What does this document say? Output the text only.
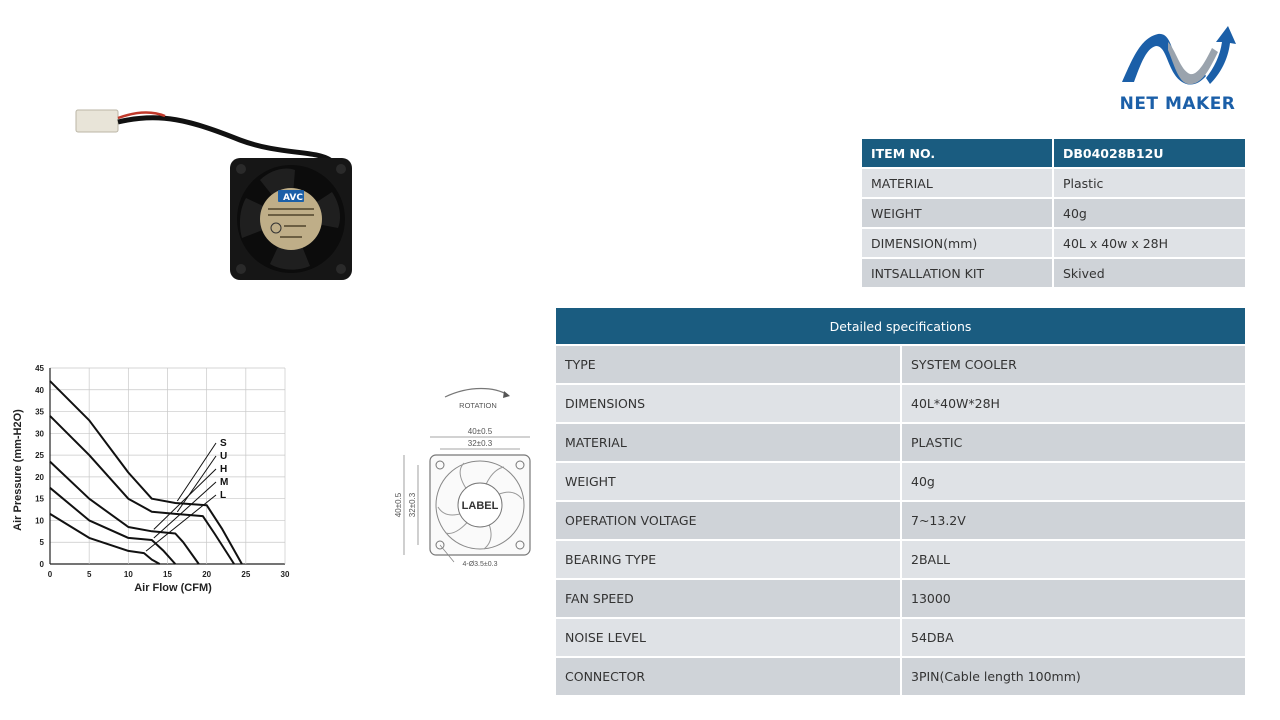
NET MAKER
AVC
ITEM NO.	DB04028B12U
MATERIAL	Plastic
WEIGHT	40g
DIMENSION(mm)	40L x 40w x 28H
INTSALLATION KIT	Skived
Detailed specifications	
TYPE	SYSTEM COOLER
DIMENSIONS	40L*40W*28H
MATERIAL	PLASTIC
WEIGHT	40g
OPERATION VOLTAGE	7~13.2V
BEARING TYPE	2BALL
FAN SPEED	13000
NOISE LEVEL	54DBA
CONNECTOR	3PIN(Cable length 100mm)
0
5
10
15
20
25
30
35
40
45
0	5	10	15	20	25	30
S
U
H
M
L
Air Flow (CFM)
Air Pressure (mm-H2O)
ROTATION
40±0.5
32±0.3
LABEL
40±0.5 32±0.3
4-Ø3.5±0.3
